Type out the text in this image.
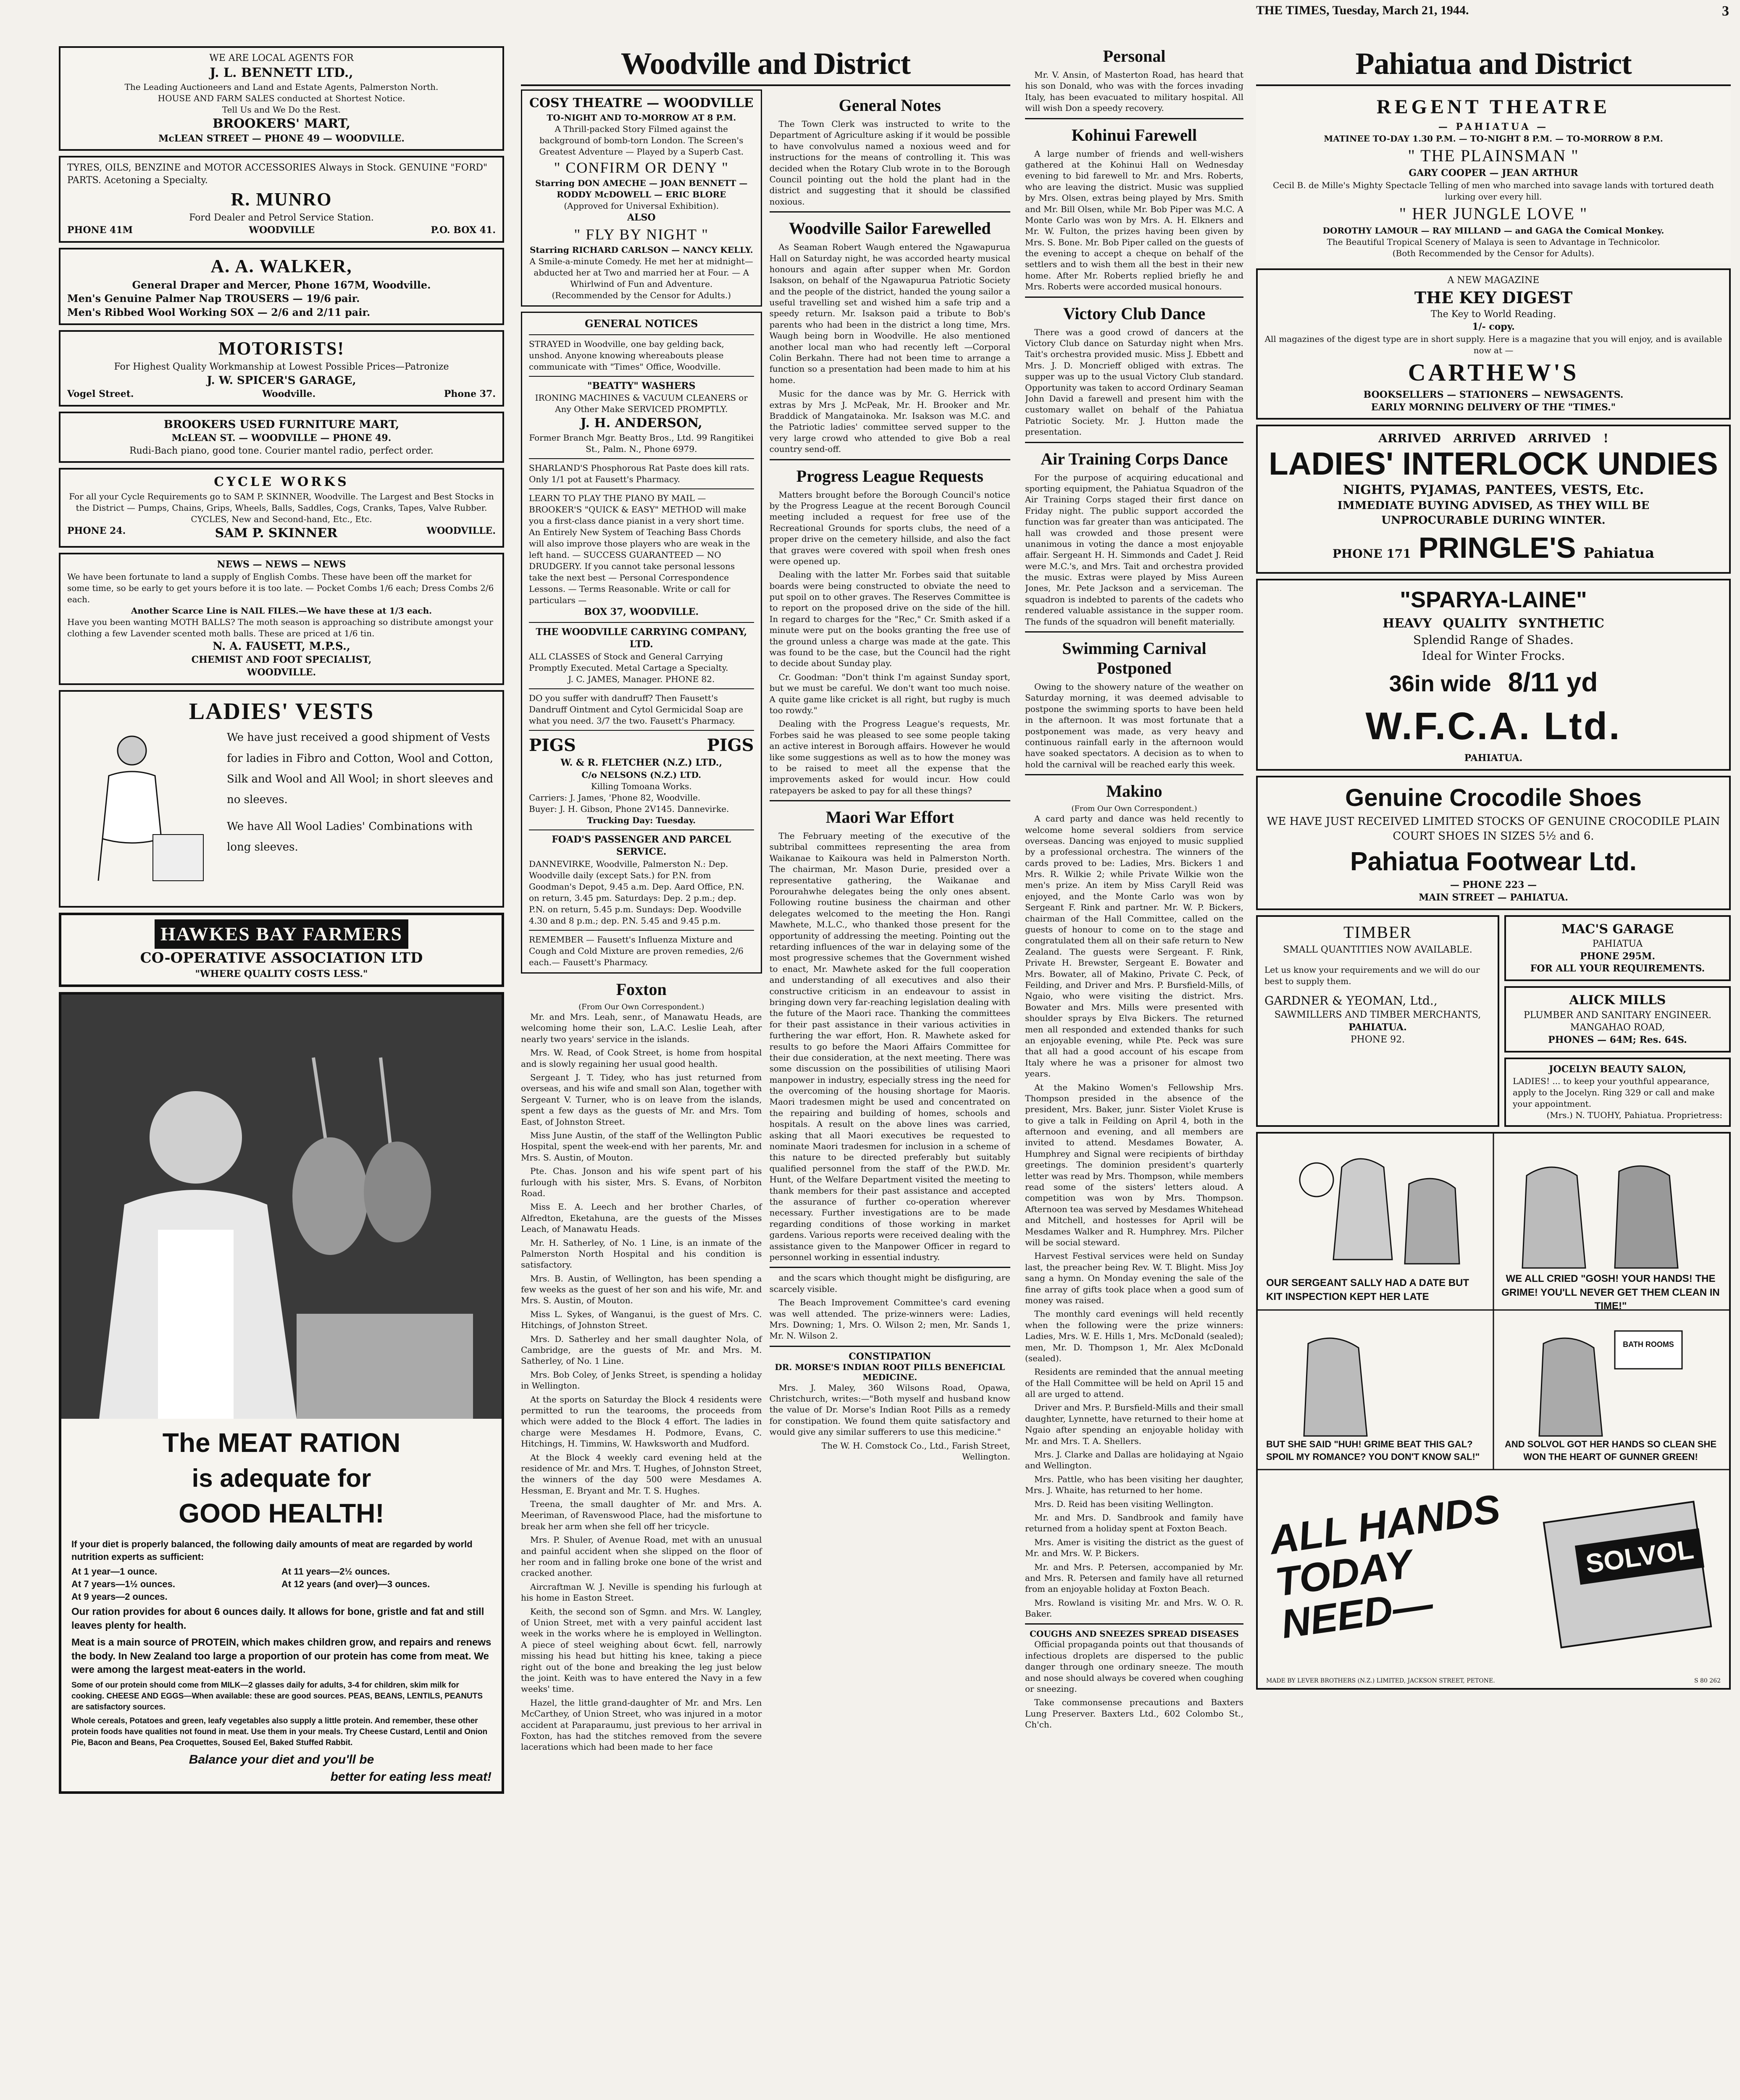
THE TIMES, Tuesday, March 21, 1944.	3
WE ARE LOCAL AGENTS FOR
J. L. BENNETT LTD.,
The Leading Auctioneers and Land and Estate Agents, Palmerston North.
HOUSE AND FARM SALES conducted at Shortest Notice.
Tell Us and We Do the Rest.
BROOKERS' MART,
McLEAN STREET — PHONE 49 — WOODVILLE.
TYRES, OILS, BENZINE and MOTOR ACCESSORIES Always in Stock. GENUINE "FORD" PARTS. Acetoning a Specialty.
R. MUNRO
Ford Dealer and Petrol Service Station.
PHONE 41M	WOODVILLE	P.O. BOX 41.
A. A. WALKER,
General Draper and Mercer, Phone 167M, Woodville.
Men's Genuine Palmer Nap TROUSERS — 19/6 pair.
Men's Ribbed Wool Working SOX — 2/6 and 2/11 pair.
MOTORISTS!
For Highest Quality Workmanship at Lowest Possible Prices—Patronize
J. W. SPICER'S GARAGE,
Vogel Street.	Woodville.	Phone 37.
BROOKERS USED FURNITURE MART,
McLEAN ST. — WOODVILLE — PHONE 49.
Rudi-Bach piano, good tone. Courier mantel radio, perfect order.
CYCLE WORKS
For all your Cycle Requirements go to SAM P. SKINNER, Woodville. The Largest and Best Stocks in the District — Pumps, Chains, Grips, Wheels, Balls, Saddles, Cogs, Cranks, Tapes, Valve Rubber. CYCLES, New and Second-hand, Etc., Etc.
PHONE 24.	SAM P. SKINNER	WOODVILLE.
NEWS — NEWS — NEWS
We have been fortunate to land a supply of English Combs. These have been off the market for some time, so be early to get yours before it is too late. — Pocket Combs 1/6 each; Dress Combs 2/6 each.
Another Scarce Line is NAIL FILES.—We have these at 1/3 each.
Have you been wanting MOTH BALLS? The moth season is approaching so distribute amongst your clothing a few Lavender scented moth balls. These are priced at 1/6 tin.
N. A. FAUSETT, M.P.S.,
CHEMIST AND FOOT SPECIALIST,
WOODVILLE.
LADIES' VESTS
We have just received a good shipment of Vests for ladies in Fibro and Cotton, Wool and Cotton, Silk and Wool and All Wool; in short sleeves and no sleeves.
We have All Wool Ladies' Combinations with long sleeves.
HAWKES BAY FARMERS
CO-OPERATIVE ASSOCIATION LTD
"WHERE QUALITY COSTS LESS."
The MEAT RATION
is adequate for
GOOD HEALTH!
If your diet is properly balanced, the following daily amounts of meat are regarded by world nutrition experts as sufficient:
At 1 year—1 ounce.	At 11 years—2½ ounces.
At 7 years—1½ ounces.	At 12 years (and over)—3 ounces.
At 9 years—2 ounces.
Our ration provides for about 6 ounces daily. It allows for bone, gristle and fat and still leaves plenty for health.
Meat is a main source of PROTEIN, which makes children grow, and repairs and renews the body. In New Zealand too large a proportion of our protein has come from meat. We were among the largest meat-eaters in the world.
Some of our protein should come from MILK—2 glasses daily for adults, 3-4 for children, skim milk for cooking. CHEESE AND EGGS—When available: these are good sources. PEAS, BEANS, LENTILS, PEANUTS are satisfactory sources.
Whole cereals, Potatoes and green, leafy vegetables also supply a little protein. And remember, these other protein foods have qualities not found in meat. Use them in your meals. Try Cheese Custard, Lentil and Onion Pie, Bacon and Beans, Pea Croquettes, Soused Eel, Baked Stuffed Rabbit.
Balance your diet and you'll be
better for eating less meat!
Woodville and District
COSY THEATRE — WOODVILLE
TO-NIGHT AND TO-MORROW AT 8 P.M.
A Thrill-packed Story Filmed against the background of bomb-torn London. The Screen's Greatest Adventure — Played by a Superb Cast.
" CONFIRM OR DENY "
Starring DON AMECHE — JOAN BENNETT — RODDY McDOWELL — ERIC BLORE
(Approved for Universal Exhibition).
ALSO
" FLY BY NIGHT "
Starring RICHARD CARLSON — NANCY KELLY.
A Smile-a-minute Comedy. He met her at midnight—abducted her at Two and married her at Four. — A Whirlwind of Fun and Adventure.
(Recommended by the Censor for Adults.)
GENERAL NOTICES
STRAYED in Woodville, one bay gelding back, unshod. Anyone knowing whereabouts please communicate with "Times" Office, Woodville.
"BEATTY" WASHERS
IRONING MACHINES & VACUUM CLEANERS or Any Other Make SERVICED PROMPTLY.
J. H. ANDERSON,
Former Branch Mgr. Beatty Bros., Ltd. 99 Rangitikei St., Palm. N., Phone 6979.
SHARLAND'S Phosphorous Rat Paste does kill rats. Only 1/1 pot at Fausett's Pharmacy.
LEARN TO PLAY THE PIANO BY MAIL — BROOKER'S "QUICK & EASY" METHOD will make you a first-class dance pianist in a very short time. An Entirely New System of Teaching Bass Chords will also improve those players who are weak in the left hand. — SUCCESS GUARANTEED — NO DRUDGERY. If you cannot take personal lessons take the next best — Personal Correspondence Lessons. — Terms Reasonable. Write or call for particulars —
BOX 37, WOODVILLE.
THE WOODVILLE CARRYING COMPANY, LTD.
ALL CLASSES of Stock and General Carrying Promptly Executed. Metal Cartage a Specialty.
J. C. JAMES, Manager. PHONE 82.
DO you suffer with dandruff? Then Fausett's Dandruff Ointment and Cytol Germicidal Soap are what you need. 3/7 the two. Fausett's Pharmacy.
PIGS	PIGS
W. & R. FLETCHER (N.Z.) LTD.,
C/o NELSONS (N.Z.) LTD.
Killing Tomoana Works.
Carriers: J. James, 'Phone 82, Woodville.
Buyer: J. H. Gibson, Phone 2V145. Dannevirke.
Trucking Day: Tuesday.
FOAD'S PASSENGER AND PARCEL SERVICE.
DANNEVIRKE, Woodville, Palmerston N.: Dep. Woodville daily (except Sats.) for P.N. from Goodman's Depot, 9.45 a.m. Dep. Aard Office, P.N. on return, 3.45 pm. Saturdays: Dep. 2 p.m.; dep. P.N. on return, 5.45 p.m. Sundays: Dep. Woodville 4.30 and 8 p.m.; dep. P.N. 5.45 and 9.45 p.m.
REMEMBER — Fausett's Influenza Mixture and Cough and Cold Mixture are proven remedies, 2/6 each.— Fausett's Pharmacy.
Foxton
(From Our Own Correspondent.)

Mr. and Mrs. Leah, senr., of Manawatu Heads, are welcoming home their son, L.A.C. Leslie Leah, after nearly two years' service in the islands.

Mrs. W. Read, of Cook Street, is home from hospital and is slowly regaining her usual good health.

Sergeant J. T. Tidey, who has just returned from overseas, and his wife and small son Alan, together with Sergeant V. Turner, who is on leave from the islands, spent a few days as the guests of Mr. and Mrs. Tom East, of Johnston Street.

Miss June Austin, of the staff of the Wellington Public Hospital, spent the week-end with her parents, Mr. and Mrs. S. Austin, of Mouton.

Pte. Chas. Jonson and his wife spent part of his furlough with his sister, Mrs. S. Evans, of Norbiton Road.

Miss E. A. Leech and her brother Charles, of Alfredton, Eketahuna, are the guests of the Misses Leach, of Manawatu Heads.

Mr. H. Satherley, of No. 1 Line, is an inmate of the Palmerston North Hospital and his condition is satisfactory.

Mrs. B. Austin, of Wellington, has been spending a few weeks as the guest of her son and his wife, Mr. and Mrs. S. Austin, of Mouton.

Miss L. Sykes, of Wanganui, is the guest of Mrs. C. Hitchings, of Johnston Street.

Mrs. D. Satherley and her small daughter Nola, of Cambridge, are the guests of Mr. and Mrs. M. Satherley, of No. 1 Line.

Mrs. Bob Coley, of Jenks Street, is spending a holiday in Wellington.

At the sports on Saturday the Block 4 residents were permitted to run the tearooms, the proceeds from which were added to the Block 4 effort. The ladies in charge were Mesdames H. Podmore, Evans, C. Hitchings, H. Timmins, W. Hawksworth and Mudford.

At the Block 4 weekly card evening held at the residence of Mr. and Mrs. T. Hughes, of Johnston Street, the winners of the day 500 were Mesdames A. Hessman, E. Bryant and Mr. T. S. Hughes.

Treena, the small daughter of Mr. and Mrs. A. Meeriman, of Ravenswood Place, had the misfortune to break her arm when she fell off her tricycle.

Mrs. P. Shuler, of Avenue Road, met with an unusual and painful accident when she slipped on the floor of her room and in falling broke one bone of the wrist and cracked another.

Aircraftman W. J. Neville is spending his furlough at his home in Easton Street.

Keith, the second son of Sgmn. and Mrs. W. Langley, of Union Street, met with a very painful accident last week in the works where he is employed in Wellington. A piece of steel weighing about 6cwt. fell, narrowly missing his head but hitting his knee, taking a piece right out of the bone and breaking the leg just below the joint. Keith was to have entered the Navy in a few weeks' time.

Hazel, the little grand-daughter of Mr. and Mrs. Len McCarthey, of Union Street, who was injured in a motor accident at Paraparaumu, just previous to her arrival in Foxton, has had the stitches removed from the severe lacerations which had been made to her face

General Notes

The Town Clerk was instructed to write to the Department of Agriculture asking if it would be possible to have convolvulus named a noxious weed and for instructions for the means of controlling it. This was decided when the Rotary Club wrote in to the Borough Council pointing out the hold the plant had in the district and suggesting that it should be classified noxious.

Woodville Sailor Farewelled

As Seaman Robert Waugh entered the Ngawapurua Hall on Saturday night, he was accorded hearty musical honours and again after supper when Mr. Gordon Isakson, on behalf of the Ngawapurua Patriotic Society and the people of the district, handed the young sailor a useful travelling set and wished him a safe trip and a speedy return. Mr. Isakson paid a tribute to Bob's parents who had been in the district a long time, Mrs. Waugh being born in Woodville. He also mentioned another local man who had recently left —Corporal Colin Berkahn. There had not been time to arrange a function so a presentation had been made to him at his home.

Music for the dance was by Mr. G. Herrick with extras by Mrs J. McPeak, Mr. H. Brooker and Mr. Braddick of Mangatainoka. Mr. Isakson was M.C. and the Patriotic ladies' committee served supper to the very large crowd who attended to give Bob a real country send-off.

Progress League Requests

Matters brought before the Borough Council's notice by the Progress League at the recent Borough Council meeting included a request for free use of the Recreational Grounds for sports clubs, the need of a proper drive on the cemetery hillside, and also the fact that graves were covered with spoil when fresh ones were opened up.

Dealing with the latter Mr. Forbes said that suitable boards were being constructed to obviate the need to put spoil on to other graves. The Reserves Committee is to report on the proposed drive on the side of the hill. In regard to charges for the "Rec," Cr. Smith asked if a minute were put on the books granting the free use of the ground unless a charge was made at the gate. This was found to be the case, but the Council had the right to decide about Sunday play.

Cr. Goodman: "Don't think I'm against Sunday sport, but we must be careful. We don't want too much noise. A quite game like cricket is all right, but rugby is much too rowdy."

Dealing with the Progress League's requests, Mr. Forbes said he was pleased to see some people taking an active interest in Borough affairs. However he would like some suggestions as well as to how the money was to be raised to meet all the expense that the improvements asked for would incur. How could ratepayers be asked to pay for all these things?

Maori War Effort

The February meeting of the executive of the subtribal committees representing the area from Waikanae to Kaikoura was held in Palmerston North. The chairman, Mr. Mason Durie, presided over a representative gathering, the Waikanae and Porourahwhe delegates being the only ones absent. Following routine business the chairman and other delegates welcomed to the meeting the Hon. Rangi Mawhete, M.L.C., who thanked those present for the opportunity of addressing the meeting. Pointing out the retarding influences of the war in delaying some of the most progressive schemes that the Government wished to enact, Mr. Mawhete asked for the full cooperation and understanding of all executives and also their constructive criticism in an endeavour to assist in bringing down very far-reaching legislation dealing with the future of the Maori race. Thanking the committees for their past assistance in their various activities in furthering the war effort, Hon. R. Mawhete asked for results to go before the Maori Affairs Committee for their due consideration, at the next meeting. There was some discussion on the possibilities of utilising Maori manpower in industry, especially stress ing the need for the overcoming of the housing shortage for Maoris. Maori tradesmen might be used and concentrated on the repairing and building of homes, schools and hospitals. A result on the above lines was carried, asking that all Maori executives be requested to nominate Maori tradesmen for inclusion in a scheme of this nature to be directed preferably but suitably qualified personnel from the staff of the P.W.D. Mr. Hunt, of the Welfare Department visited the meeting to thank members for their past assistance and accepted the assurance of further co-operation wherever necessary. Further investigations are to be made regarding conditions of those working in market gardens. Various reports were received dealing with the assistance given to the Manpower Officer in regard to personnel working in essential industry.

and the scars which thought might be disfiguring, are scarcely visible.

The Beach Improvement Committee's card evening was well attended. The prize-winners were: Ladies, Mrs. Downing; 1, Mrs. O. Wilson 2; men, Mr. Sands 1, Mr. N. Wilson 2.

CONSTIPATION
DR. MORSE'S INDIAN ROOT PILLS BENEFICIAL MEDICINE.

Mrs. J. Maley, 360 Wilsons Road, Opawa, Christchurch, writes:—"Both myself and husband know the value of Dr. Morse's Indian Root Pills as a remedy for constipation. We found them quite satisfactory and would give any similar sufferers to use this medicine."

The W. H. Comstock Co., Ltd., Farish Street, Wellington.

Personal

Mr. V. Ansin, of Masterton Road, has heard that his son Donald, who was with the forces invading Italy, has been evacuated to military hospital. All will wish Don a speedy recovery.

Kohinui Farewell

A large number of friends and well-wishers gathered at the Kohinui Hall on Wednesday evening to bid farewell to Mr. and Mrs. Roberts, who are leaving the district. Music was supplied by Mrs. Olsen, extras being played by Mrs. Smith and Mr. Bill Olsen, while Mr. Bob Piper was M.C. A Monte Carlo was won by Mrs. A. H. Elkners and Mr. W. Fulton, the prizes having been given by Mrs. S. Bone. Mr. Bob Piper called on the guests of the evening to accept a cheque on behalf of the settlers and to wish them all the best in their new home. After Mr. Roberts replied briefly he and Mrs. Roberts were accorded musical honours.

Victory Club Dance

There was a good crowd of dancers at the Victory Club dance on Saturday night when Mrs. Tait's orchestra provided music. Miss J. Ebbett and Mrs. J. D. Moncrieff obliged with extras. The supper was up to the usual Victory Club standard. Opportunity was taken to accord Ordinary Seaman John David a farewell and present him with the customary wallet on behalf of the Pahiatua Patriotic Society. Mr. J. Hutton made the presentation.

Air Training Corps Dance

For the purpose of acquiring educational and sporting equipment, the Pahiatua Squadron of the Air Training Corps staged their first dance on Friday night. The public support accorded the function was far greater than was anticipated. The hall was crowded and those present were unanimous in voting the dance a most enjoyable affair. Sergeant H. H. Simmonds and Cadet J. Reid were M.C.'s, and Mrs. Tait and orchestra provided the music. Extras were played by Miss Aureen Jones, Mr. Pete Jackson and a serviceman. The squadron is indebted to parents of the cadets who rendered valuable assistance in the supper room. The funds of the squadron will benefit materially.

Swimming Carnival Postponed

Owing to the showery nature of the weather on Saturday morning, it was deemed advisable to postpone the swimming sports to have been held in the afternoon. It was most fortunate that a postponement was made, as very heavy and continuous rainfall early in the afternoon would have soaked spectators. A decision as to when to hold the carnival will be reached early this week.

Makino
(From Our Own Correspondent.)

A card party and dance was held recently to welcome home several soldiers from service overseas. Dancing was enjoyed to music supplied by a professional orchestra. The winners of the cards proved to be: Ladies, Mrs. Bickers 1 and Mrs. R. Wilkie 2; while Private Wilkie won the men's prize. An item by Miss Caryll Reid was enjoyed, and the Monte Carlo was won by Sergeant F. Rink and partner. Mr. W. P. Bickers, chairman of the Hall Committee, called on the guests of honour to come on to the stage and congratulated them all on their safe return to New Zealand. The guests were Sergeant. F. Rink, Private H. Brewster, Sergeant E. Bowater and Mrs. Bowater, all of Makino, Private C. Peck, of Feilding, and Driver and Mrs. P. Bursfield-Mills, of Ngaio, who were visiting the district. Mrs. Bowater and Mrs. Mills were presented with shoulder sprays by Elva Bickers. The returned men all responded and extended thanks for such an enjoyable evening, while Pte. Peck was sure that all had a good account of his escape from Italy where he was a prisoner for almost two years.

At the Makino Women's Fellowship Mrs. Thompson presided in the absence of the president, Mrs. Baker, junr. Sister Violet Kruse is to give a talk in Feilding on April 4, both in the afternoon and evening, and all members are invited to attend. Mesdames Bowater, A. Humphrey and Signal were recipients of birthday greetings. The dominion president's quarterly letter was read by Mrs. Thompson, while members read some of the sisters' letters aloud. A competition was won by Mrs. Thompson. Afternoon tea was served by Mesdames Whitehead and Mitchell, and hostesses for April will be Mesdames Walker and R. Humphrey. Mrs. Pilcher will be social steward.

Harvest Festival services were held on Sunday last, the preacher being Rev. W. T. Blight. Miss Joy sang a hymn. On Monday evening the sale of the fine array of gifts took place when a good sum of money was raised.

The monthly card evenings will held recently when the following were the prize winners: Ladies, Mrs. W. E. Hills 1, Mrs. McDonald (sealed); men, Mr. D. Thompson 1, Mr. Alex McDonald (sealed).

Residents are reminded that the annual meeting of the Hall Committee will be held on April 15 and all are urged to attend.

Driver and Mrs. P. Bursfield-Mills and their small daughter, Lynnette, have returned to their home at Ngaio after spending an enjoyable holiday with Mr. and Mrs. T. A. Shellers.

Mrs. J. Clarke and Dallas are holidaying at Ngaio and Wellington.

Mrs. Pattle, who has been visiting her daughter, Mrs. J. Whaite, has returned to her home.

Mrs. D. Reid has been visiting Wellington.

Mr. and Mrs. D. Sandbrook and family have returned from a holiday spent at Foxton Beach.

Mrs. Amer is visiting the district as the guest of Mr. and Mrs. W. P. Bickers.

Mr. and Mrs. P. Petersen, accompanied by Mr. and Mrs. R. Petersen and family have all returned from an enjoyable holiday at Foxton Beach.

Mrs. Rowland is visiting Mr. and Mrs. W. O. R. Baker.

COUGHS AND SNEEZES SPREAD DISEASES

Official propaganda points out that thousands of infectious droplets are dispersed to the public danger through one ordinary sneeze. The mouth and nose should always be covered when coughing or sneezing.

Take commonsense precautions and Baxters Lung Preserver. Baxters Ltd., 602 Colombo St., Ch'ch.

Pahiatua and District
REGENT THEATRE
— PAHIATUA —
MATINEE TO-DAY 1.30 P.M. — TO-NIGHT 8 P.M. — TO-MORROW 8 P.M.
" THE PLAINSMAN "
GARY COOPER — JEAN ARTHUR
Cecil B. de Mille's Mighty Spectacle Telling of men who marched into savage lands with tortured death lurking over every hill.
" HER JUNGLE LOVE "
DOROTHY LAMOUR — RAY MILLAND — and GAGA the Comical Monkey.
The Beautiful Tropical Scenery of Malaya is seen to Advantage in Technicolor.
(Both Recommended by the Censor for Adults).
A NEW MAGAZINE
THE KEY DIGEST
The Key to World Reading.
1/- copy.
All magazines of the digest type are in short supply. Here is a magazine that you will enjoy, and is available now at —
CARTHEW'S
BOOKSELLERS — STATIONERS — NEWSAGENTS.
EARLY MORNING DELIVERY OF THE "TIMES."
ARRIVED ARRIVED ARRIVED !
LADIES' INTERLOCK UNDIES
NIGHTS, PYJAMAS, PANTEES, VESTS, Etc.
IMMEDIATE BUYING ADVISED, AS THEY WILL BE
UNPROCURABLE DURING WINTER.
PHONE 171 PRINGLE'S Pahiatua
"SPARYA-LAINE"
HEAVY QUALITY SYNTHETIC
Splendid Range of Shades.
Ideal for Winter Frocks.
36in wide 8/11 yd
W.F.C.A. Ltd.
PAHIATUA.
Genuine Crocodile Shoes
WE HAVE JUST RECEIVED LIMITED STOCKS OF GENUINE CROCODILE PLAIN COURT SHOES IN SIZES 5½ and 6.
Pahiatua Footwear Ltd.
— PHONE 223 —
MAIN STREET — PAHIATUA.
TIMBER
SMALL QUANTITIES NOW AVAILABLE.
Let us know your requirements and we will do our best to supply them.
GARDNER & YEOMAN, Ltd.,
SAWMILLERS AND TIMBER MERCHANTS,
PAHIATUA.
PHONE 92.
MAC'S GARAGE
PAHIATUA
PHONE 295M.
FOR ALL YOUR REQUIREMENTS.
ALICK MILLS
PLUMBER AND SANITARY ENGINEER.
MANGAHAO ROAD,
PHONES — 64M; Res. 64S.
JOCELYN BEAUTY SALON,
LADIES! ... to keep your youthful appearance, apply to the Jocelyn. Ring 329 or call and make your appointment.
(Mrs.) N. TUOHY, Pahiatua. Proprietress:
OUR SERGEANT SALLY HAD A DATE BUT KIT INSPECTION KEPT HER LATE
WE ALL CRIED "GOSH! YOUR HANDS! THE GRIME! YOU'LL NEVER GET THEM CLEAN IN TIME!"
BATH ROOMS
BUT SHE SAID "HUH! GRIME BEAT THIS GAL? SPOIL MY ROMANCE? YOU DON'T KNOW SAL!"
AND SOLVOL GOT HER HANDS SO CLEAN SHE WON THE HEART OF GUNNER GREEN!
ALL HANDS TODAY NEED—
SOLVOL
MADE BY LEVER BROTHERS (N.Z.) LIMITED, JACKSON STREET, PETONE.	S 80 262
